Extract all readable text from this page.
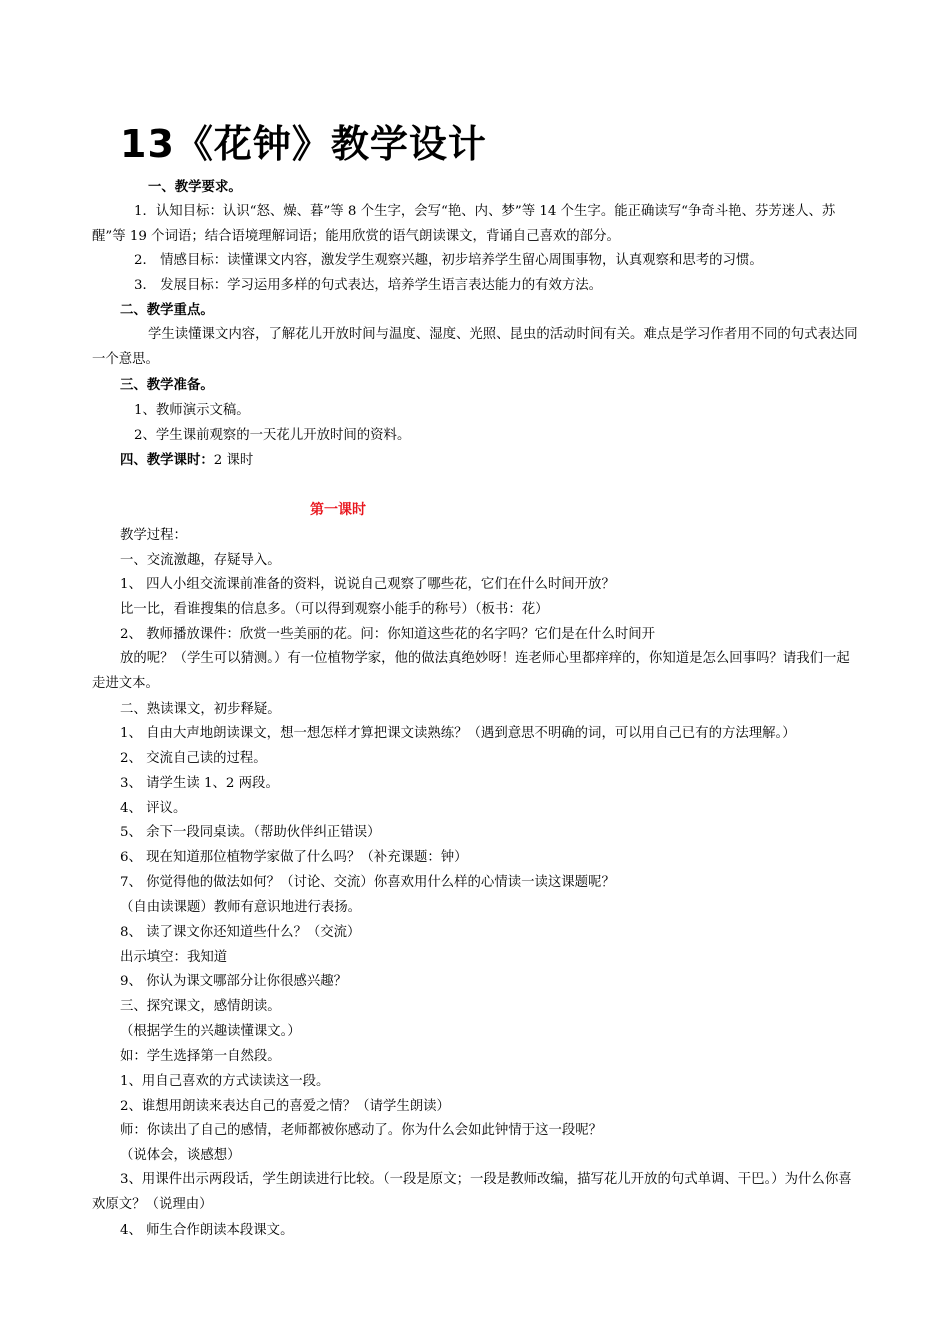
13《花钟》教学设计
一、教学要求。
1．认知目标：认识“怒、燥、暮”等 8 个生字，会写“艳、内、梦”等 14 个生字。能正确读写“争奇斗艳、芬芳迷人、苏醒”等 19 个词语；结合语境理解词语；能用欣赏的语气朗读课文，背诵自己喜欢的部分。
2． 情感目标：读懂课文内容，激发学生观察兴趣，初步培养学生留心周围事物，认真观察和思考的习惯。
3． 发展目标：学习运用多样的句式表达，培养学生语言表达能力的有效方法。
二、教学重点。
学生读懂课文内容，了解花儿开放时间与温度、湿度、光照、昆虫的活动时间有关。难点是学习作者用不同的句式表达同一个意思。
三、教学准备。
1、教师演示文稿。
2、学生课前观察的一天花儿开放时间的资料。
四、教学课时：2 课时
第一课时
教学过程：
一、交流激趣，存疑导入。
1、 四人小组交流课前准备的资料，说说自己观察了哪些花，它们在什么时间开放？
比一比，看谁搜集的信息多。（可以得到观察小能手的称号）（板书：花）
2、 教师播放课件：欣赏一些美丽的花。问：你知道这些花的名字吗？它们是在什么时间开
放的呢？（学生可以猜测。）有一位植物学家，他的做法真绝妙呀！连老师心里都痒痒的，你知道是怎么回事吗？请我们一起走进文本。
二、熟读课文，初步释疑。
1、 自由大声地朗读课文，想一想怎样才算把课文读熟练？（遇到意思不明确的词，可以用自己已有的方法理解。）
2、 交流自己读的过程。
3、 请学生读 1、2 两段。
4、 评议。
5、 余下一段同桌读。（帮助伙伴纠正错误）
6、 现在知道那位植物学家做了什么吗？（补充课题：钟）
7、 你觉得他的做法如何？（讨论、交流）你喜欢用什么样的心情读一读这课题呢？
（自由读课题）教师有意识地进行表扬。
8、 读了课文你还知道些什么？（交流）
出示填空：我知道
9、 你认为课文哪部分让你很感兴趣？
三、探究课文，感情朗读。
（根据学生的兴趣读懂课文。）
如：学生选择第一自然段。
1、用自己喜欢的方式读读这一段。
2、谁想用朗读来表达自己的喜爱之情？（请学生朗读）
师：你读出了自己的感情，老师都被你感动了。你为什么会如此钟情于这一段呢？
（说体会，谈感想）
3、用课件出示两段话，学生朗读进行比较。（一段是原文；一段是教师改编，描写花儿开放的句式单调、干巴。）为什么你喜欢原文？（说理由）
4、 师生合作朗读本段课文。
